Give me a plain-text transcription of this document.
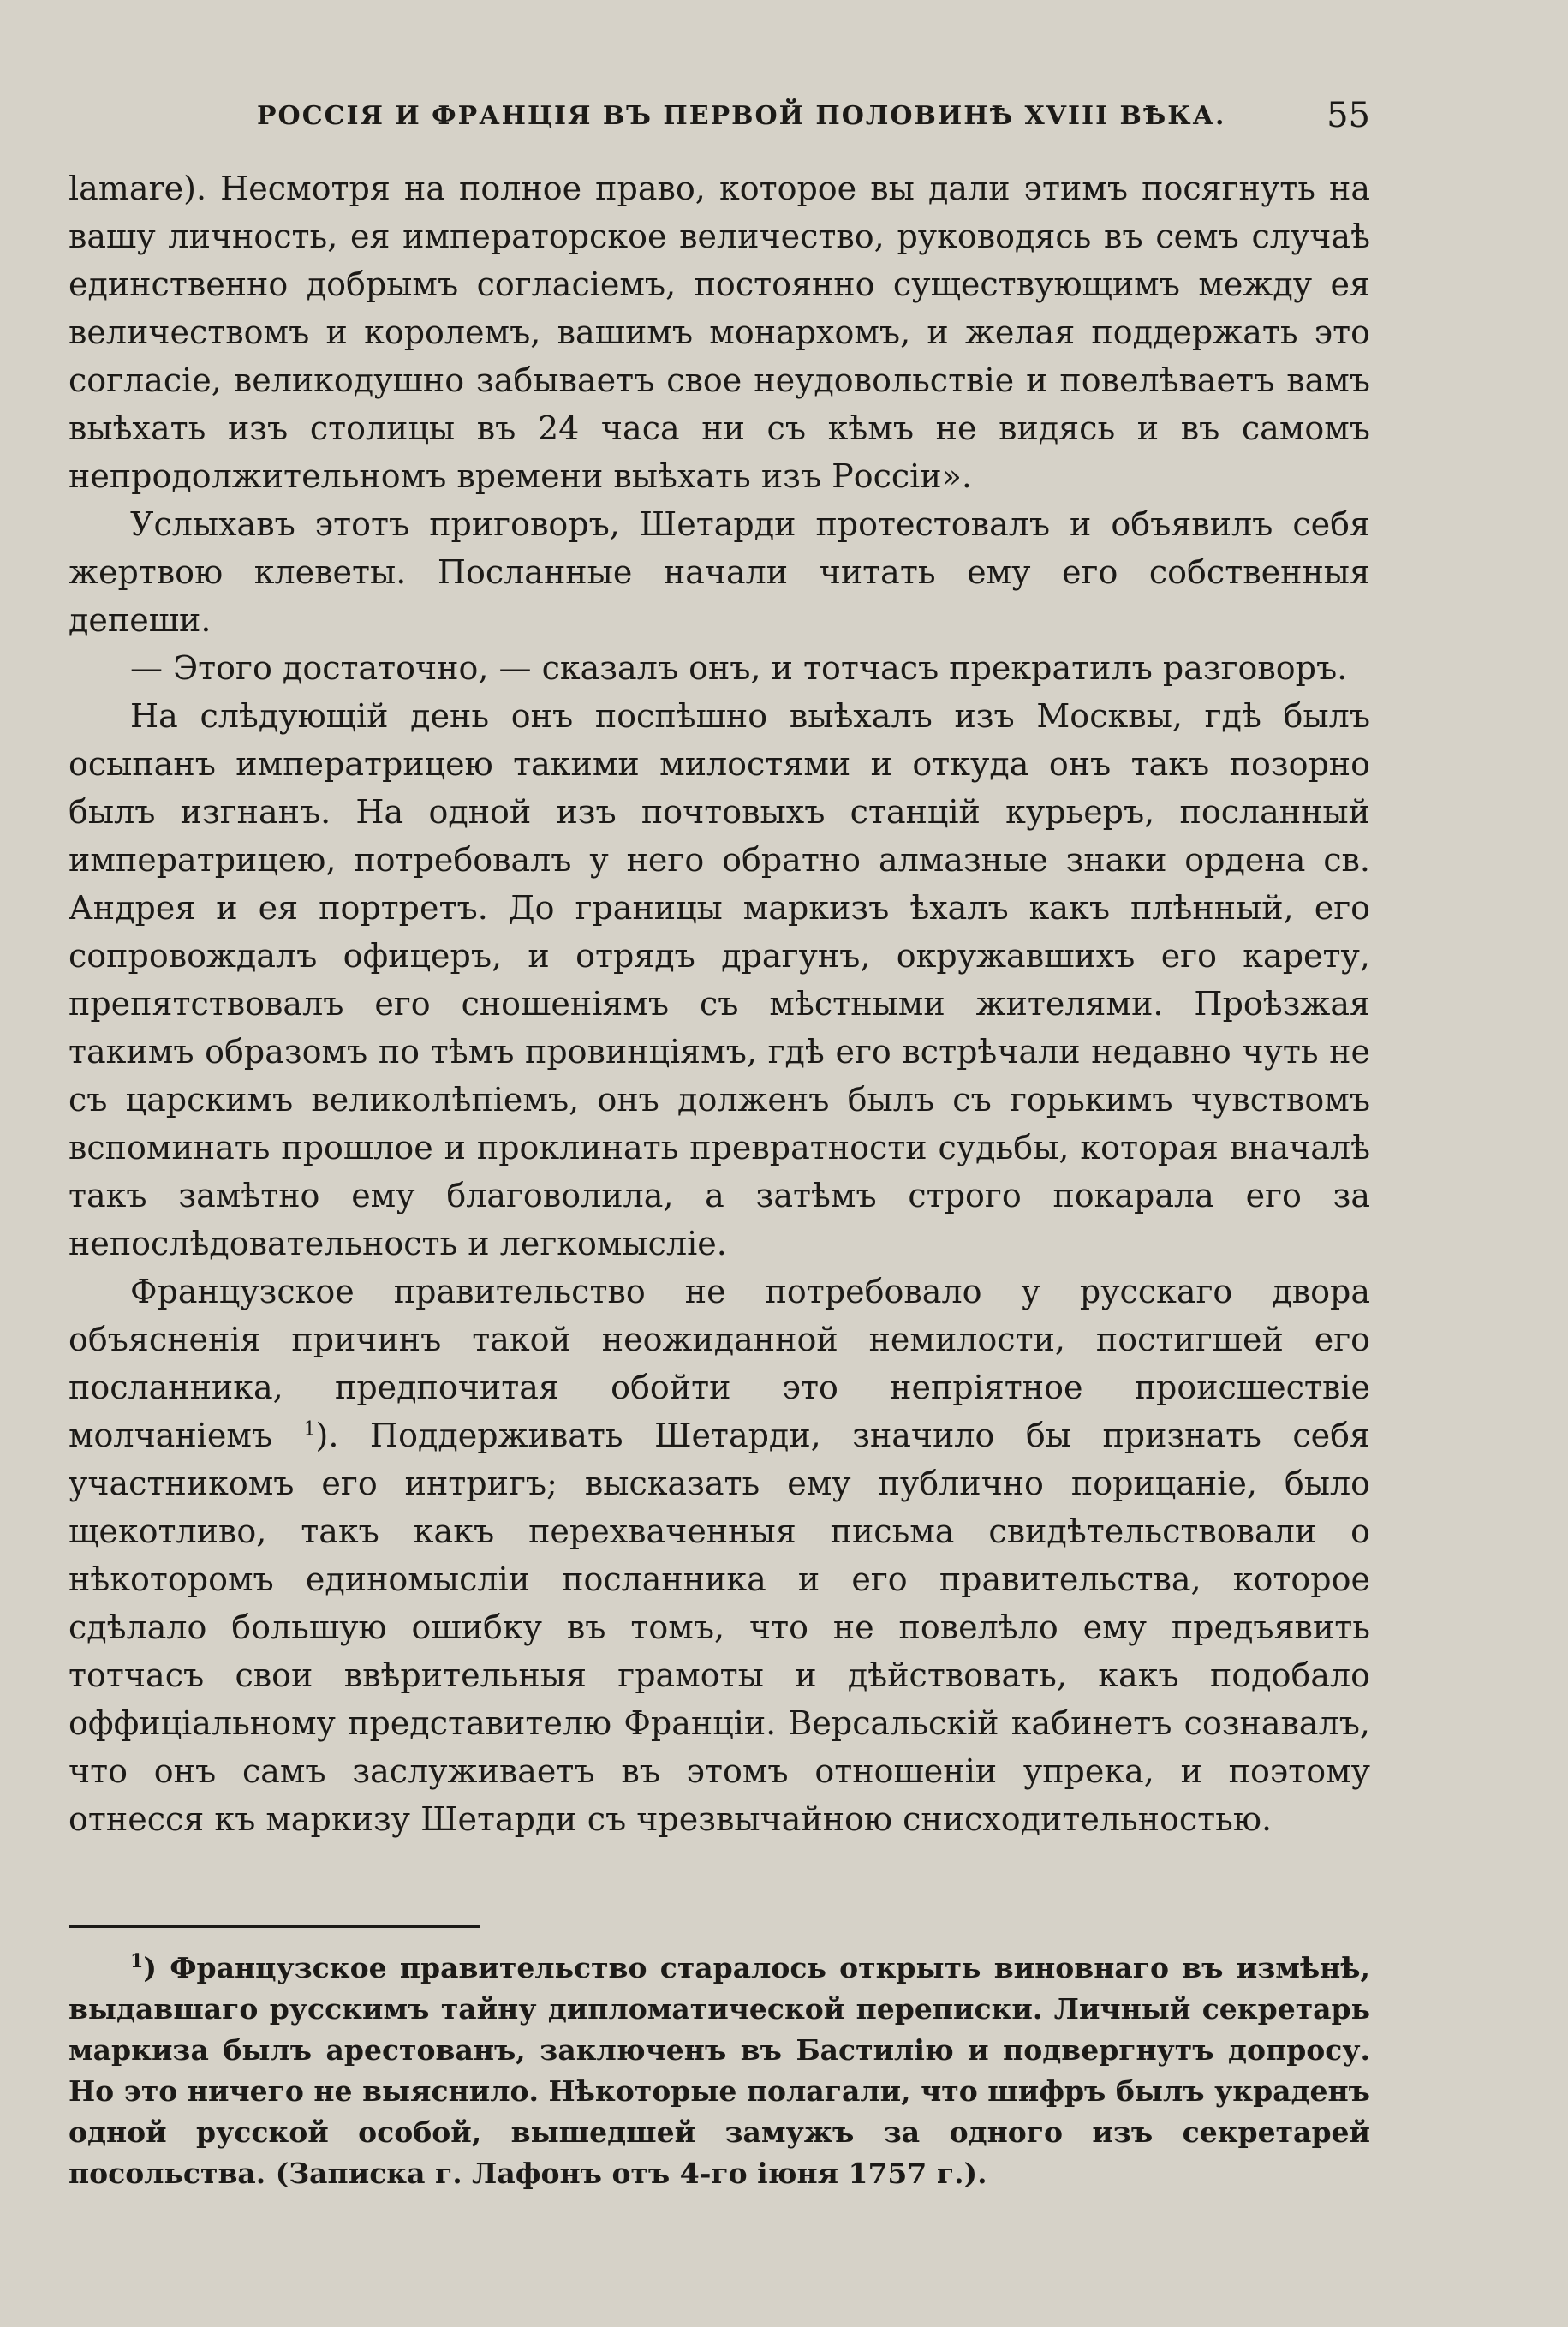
РОССІЯ И ФРАНЦІЯ ВЪ ПЕРВОЙ ПОЛОВИНѢ XVIII ВѢКА.	55

lamare). Несмотря на полное право, которое вы дали этимъ посягнуть на вашу личность, ея императорское величество, руководясь въ семъ случаѣ единственно добрымъ согласіемъ, постоянно существующимъ между ея величествомъ и королемъ, вашимъ монархомъ, и желая поддержать это согласіе, великодушно забываетъ свое неудовольствіе и повелѣваетъ вамъ выѣхать изъ столицы въ 24 часа ни съ кѣмъ не видясь и въ самомъ непродолжительномъ времени выѣхать изъ Россіи».

Услыхавъ этотъ приговоръ, Шетарди протестовалъ и объявилъ себя жертвою клеветы. Посланные начали читать ему его собственныя депеши.

— Этого достаточно, — сказалъ онъ, и тотчасъ прекратилъ разговоръ.

На слѣдующій день онъ поспѣшно выѣхалъ изъ Москвы, гдѣ былъ осыпанъ императрицею такими милостями и откуда онъ такъ позорно былъ изгнанъ. На одной изъ почтовыхъ станцій курьеръ, посланный императрицею, потребовалъ у него обратно алмазные знаки ордена св. Андрея и ея портретъ. До границы маркизъ ѣхалъ какъ плѣнный, его сопровождалъ офицеръ, и отрядъ драгунъ, окружавшихъ его карету, препятствовалъ его сношеніямъ съ мѣстными жителями. Проѣзжая такимъ образомъ по тѣмъ провинціямъ, гдѣ его встрѣчали недавно чуть не съ царскимъ великолѣпіемъ, онъ долженъ былъ съ горькимъ чувствомъ вспоминать прошлое и проклинать превратности судьбы, которая вначалѣ такъ замѣтно ему благоволила, а затѣмъ строго покарала его за непослѣдовательность и легкомысліе.

Французское правительство не потребовало у русскаго двора объясненія причинъ такой неожиданной немилости, постигшей его посланника, предпочитая обойти это непріятное происшествіе молчаніемъ $^1$). Поддерживать Шетарди, значило бы признать себя участникомъ его интригъ; высказать ему публично порицаніе, было щекотливо, такъ какъ перехваченныя письма свидѣтельствовали о нѣкоторомъ единомысліи посланника и его правительства, которое сдѣлало большую ошибку въ томъ, что не повелѣло ему предъявить тотчасъ свои ввѣрительныя грамоты и дѣйствовать, какъ подобало оффиціальному представителю Франціи. Версальскій кабинетъ сознавалъ, что онъ самъ заслуживаетъ въ этомъ отношеніи упрека, и поэтому отнесся къ маркизу Шетарди съ чрезвычайною снисходительностью.

$^1$) Французское правительство старалось открыть виновнаго въ измѣнѣ, выдавшаго русскимъ тайну дипломатической переписки. Личный секретарь маркиза былъ арестованъ, заключенъ въ Бастилію и подвергнутъ допросу. Но это ничего не выяснило. Нѣкоторые полагали, что шифръ былъ украденъ одной русской особой, вышедшей замужъ за одного изъ секретарей посольства. (Записка г. Лафонъ отъ 4-го іюня 1757 г.).
